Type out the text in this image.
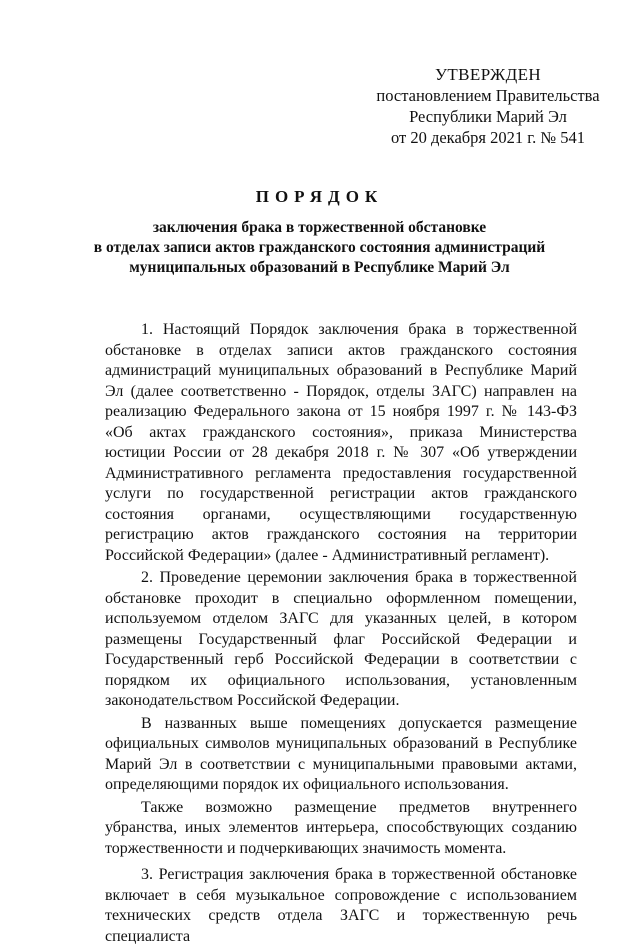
УТВЕРЖДЕН
постановлением Правительства
Республики Марий Эл
от 20 декабря 2021 г. № 541
ПОРЯДОК
заключения брака в торжественной обстановке
в отделах записи актов гражданского состояния администраций
муниципальных образований в Республике Марий Эл

1. Настоящий Порядок заключения брака в торжественной обстановке в отделах записи актов гражданского состояния администраций муниципальных образований в Республике Марий Эл (далее соответственно - Порядок, отделы ЗАГС) направлен на реализацию Федерального закона от 15 ноября 1997 г. № 143-ФЗ «Об актах гражданского состояния», приказа Министерства юстиции России от 28 декабря 2018 г. № 307 «Об утверждении Административного регламента предоставления государственной услуги по государственной регистрации актов гражданского состояния органами, осуществляющими государственную регистрацию актов гражданского состояния на территории Российской Федерации» (далее - Административный регламент).

2. Проведение церемонии заключения брака в торжественной обстановке проходит в специально оформленном помещении, используемом отделом ЗАГС для указанных целей, в котором размещены Государственный флаг Российской Федерации и Государственный герб Российской Федерации в соответствии с порядком их официального использования, установленным законодательством Российской Федерации.

В названных выше помещениях допускается размещение официальных символов муниципальных образований в Республике Марий Эл в соответствии с муниципальными правовыми актами, определяющими порядок их официального использования.

Также возможно размещение предметов внутреннего убранства, иных элементов интерьера, способствующих созданию торжественности и подчеркивающих значимость момента.

3. Регистрация заключения брака в торжественной обстановке включает в себя музыкальное сопровождение с использованием технических средств отдела ЗАГС и торжественную речь специалиста
